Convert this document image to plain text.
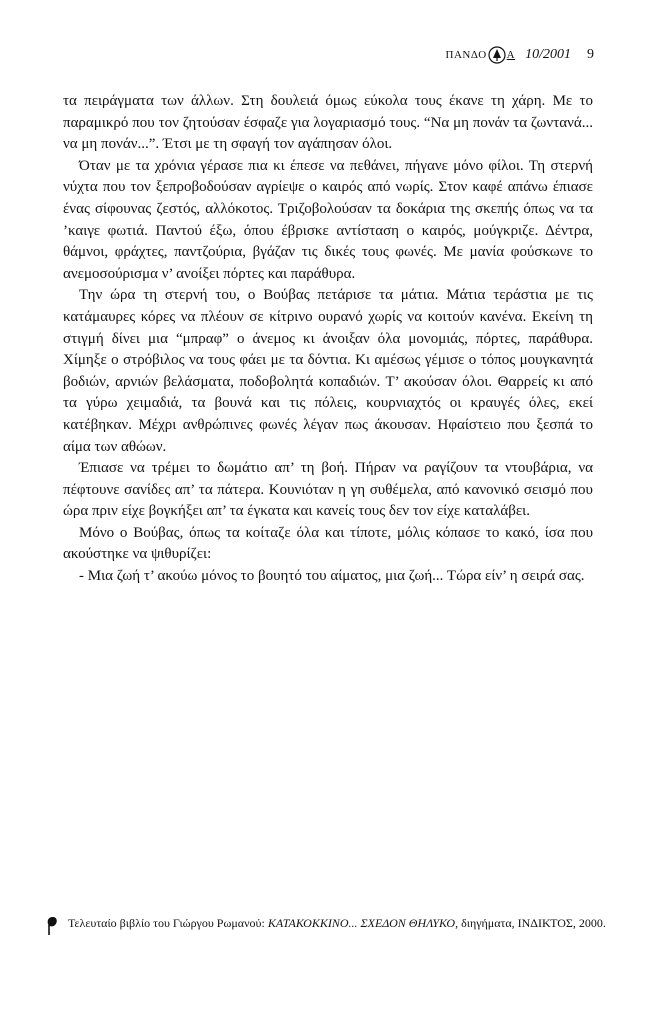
ΠΑΝΔΟ Α 10/2001 9

τα πειράγματα των άλλων. Στη δουλειά όμως εύκολα τους έκανε τη χάρη. Με το παραμικρό που τον ζητούσαν έσφαζε για λογαριασμό τους. “Να μη πονάν τα ζωντανά... να μη πονάν...”. Έτσι με τη σφαγή τον αγάπησαν όλοι.

Όταν με τα χρόνια γέρασε πια κι έπεσε να πεθάνει, πήγανε μόνο φίλοι. Τη στερνή νύχτα που τον ξεπροβοδούσαν αγρίεψε ο καιρός από νωρίς. Στον καφέ απάνω έπιασε ένας σίφουνας ζεστός, αλλόκοτος. Τριζοβολούσαν τα δοκάρια της σκεπής όπως να τα ’καιγε φωτιά. Παντού έξω, όπου έβρισκε αντίσταση ο καιρός, μούγκριζε. Δέντρα, θάμνοι, φράχτες, παντζούρια, βγάζαν τις δικές τους φωνές. Με μανία φούσκωνε το ανεμοσούρισμα ν’ ανοίξει πόρτες και παράθυρα.

Την ώρα τη στερνή του, ο Βούβας πετάρισε τα μάτια. Μάτια τεράστια με τις κατάμαυρες κόρες να πλέουν σε κίτρινο ουρανό χωρίς να κοιτούν κανένα. Εκείνη τη στιγμή δίνει μια “μπραφ” ο άνεμος κι άνοιξαν όλα μονομιάς, πόρτες, παράθυρα. Χίμηξε ο στρόβιλος να τους φάει με τα δόντια. Κι αμέσως γέμισε ο τόπος μουγκανητά βοδιών, αρνιών βελάσματα, ποδοβολητά κοπαδιών. Τ’ ακούσαν όλοι. Θαρρείς κι από τα γύρω χειμαδιά, τα βουνά και τις πόλεις, κουρνιαχτός οι κραυγές όλες, εκεί κατέβηκαν. Μέχρι ανθρώπινες φωνές λέγαν πως άκουσαν. Ηφαίστειο που ξεσπά το αίμα των αθώων.

Έπιασε να τρέμει το δωμάτιο απ’ τη βοή. Πήραν να ραγίζουν τα ντουβάρια, να πέφτουνε σανίδες απ’ τα πάτερα. Κουνιόταν η γη συθέμελα, από κανονικό σεισμό που ώρα πριν είχε βογκήξει απ’ τα έγκατα και κανείς τους δεν τον είχε καταλάβει.

Μόνο ο Βούβας, όπως τα κοίταζε όλα και τίποτε, μόλις κόπασε το κακό, ίσα που ακούστηκε να ψιθυρίζει:

- Μια ζωή τ’ ακούω μόνος το βουητό του αίματος, μια ζωή... Τώρα είν’ η σειρά σας.

Τελευταίο βιβλίο του Γιώργου Ρωμανού: ΚΑΤΑΚΟΚΚΙΝΟ... ΣΧΕΔΟΝ ΘΗΛΥΚΟ, διηγήματα, ΙΝΔΙΚΤΟΣ, 2000.
